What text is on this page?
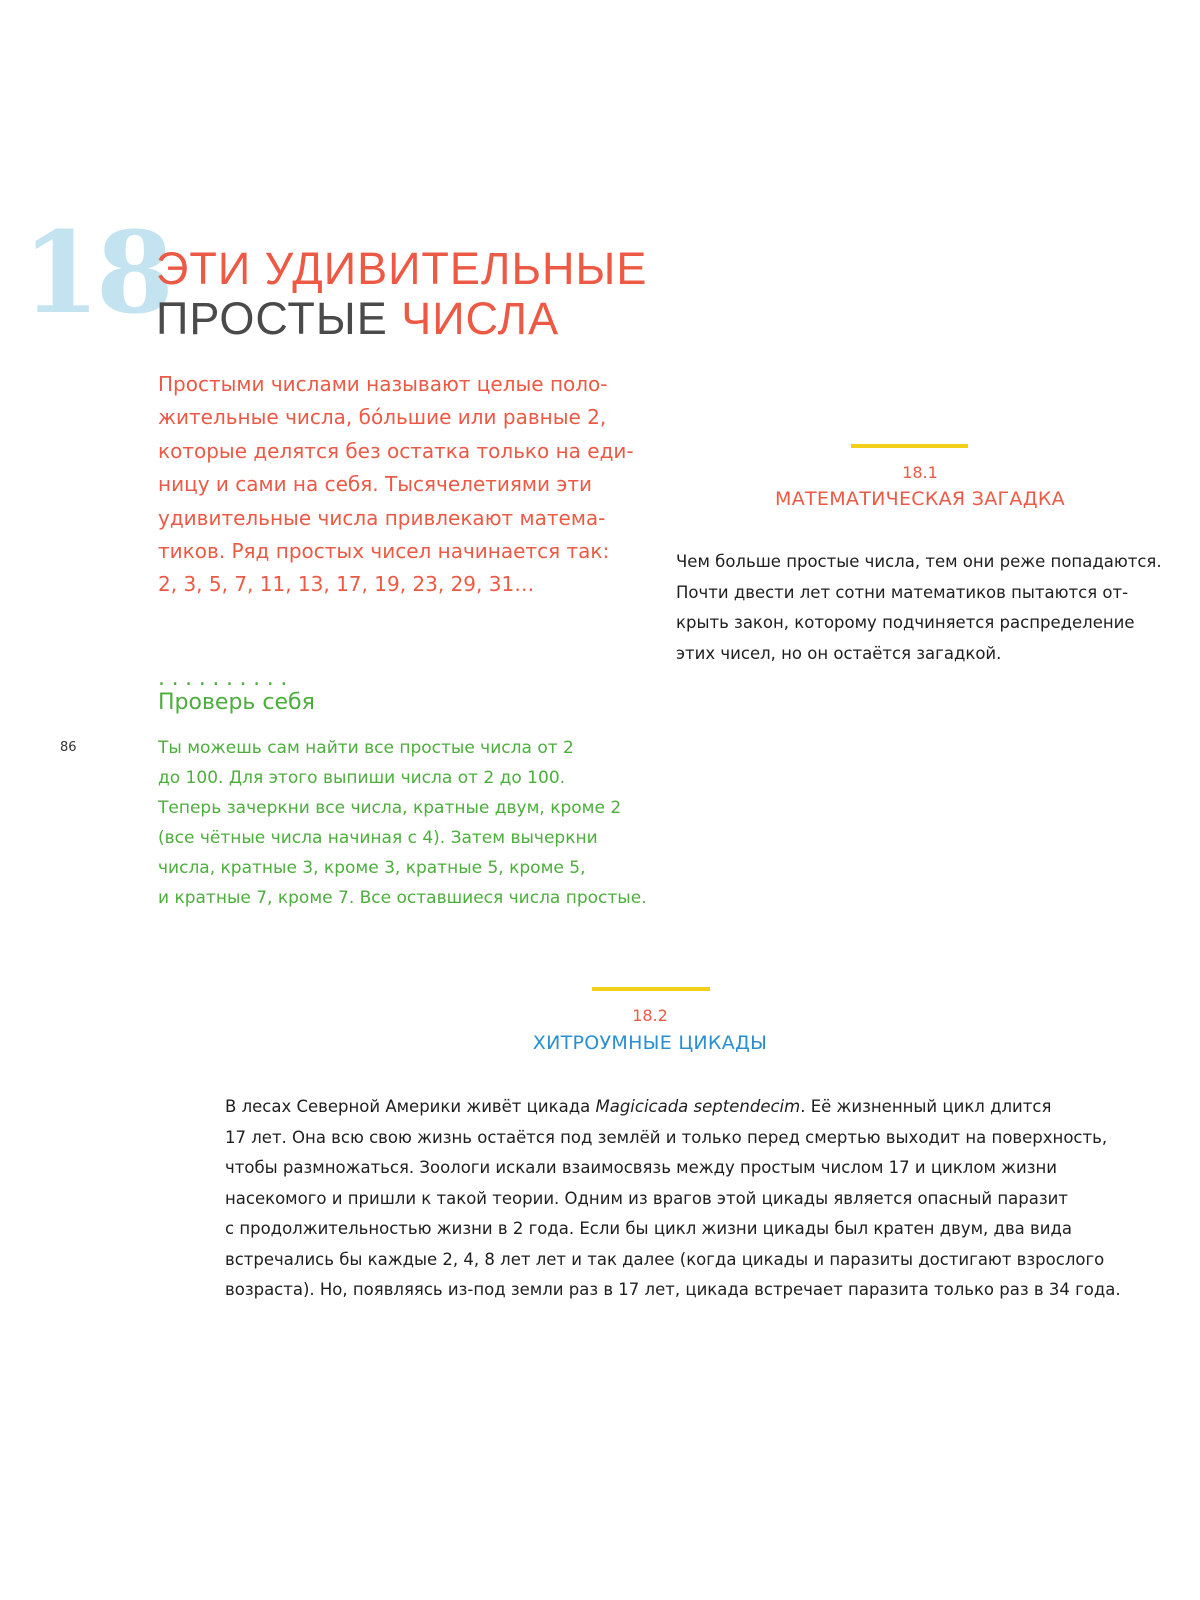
18
ЭТИ УДИВИТЕЛЬНЫЕ
ПРОСТЫЕ ЧИСЛА
Простыми числами называют целые поло-
жительные числа, бóльшие или равные 2,
которые делятся без остатка только на еди-
ницу и сами на себя. Тысячелетиями эти
удивительные числа привлекают матема-
тиков. Ряд простых чисел начинается так:
2, 3, 5, 7, 11, 13, 17, 19, 23, 29, 31…
..........
Проверь себя
Ты можешь сам найти все простые числа от 2
до 100. Для этого выпиши числа от 2 до 100.
Теперь зачеркни все числа, кратные двум, кроме 2
(все чётные числа начиная с 4). Затем вычеркни
числа, кратные 3, кроме 3, кратные 5, кроме 5,
и кратные 7, кроме 7. Все оставшиеся числа простые.
86
18.1
МАТЕМАТИЧЕСКАЯ ЗАГАДКА
Чем больше простые числа, тем они реже попадаются.
Почти двести лет сотни математиков пытаются от-
крыть закон, которому подчиняется распределение
этих чисел, но он остаётся загадкой.
18.2
ХИТРОУМНЫЕ ЦИКАДЫ
В лесах Северной Америки живёт цикада Magicicada septendecim. Её жизненный цикл длится
17 лет. Она всю свою жизнь остаётся под землёй и только перед смертью выходит на поверхность,
чтобы размножаться. Зоологи искали взаимосвязь между простым числом 17 и циклом жизни
насекомого и пришли к такой теории. Одним из врагов этой цикады является опасный паразит
с продолжительностью жизни в 2 года. Если бы цикл жизни цикады был кратен двум, два вида
встречались бы каждые 2, 4, 8 лет лет и так далее (когда цикады и паразиты достигают взрослого
возраста). Но, появляясь из-под земли раз в 17 лет, цикада встречает паразита только раз в 34 года.
